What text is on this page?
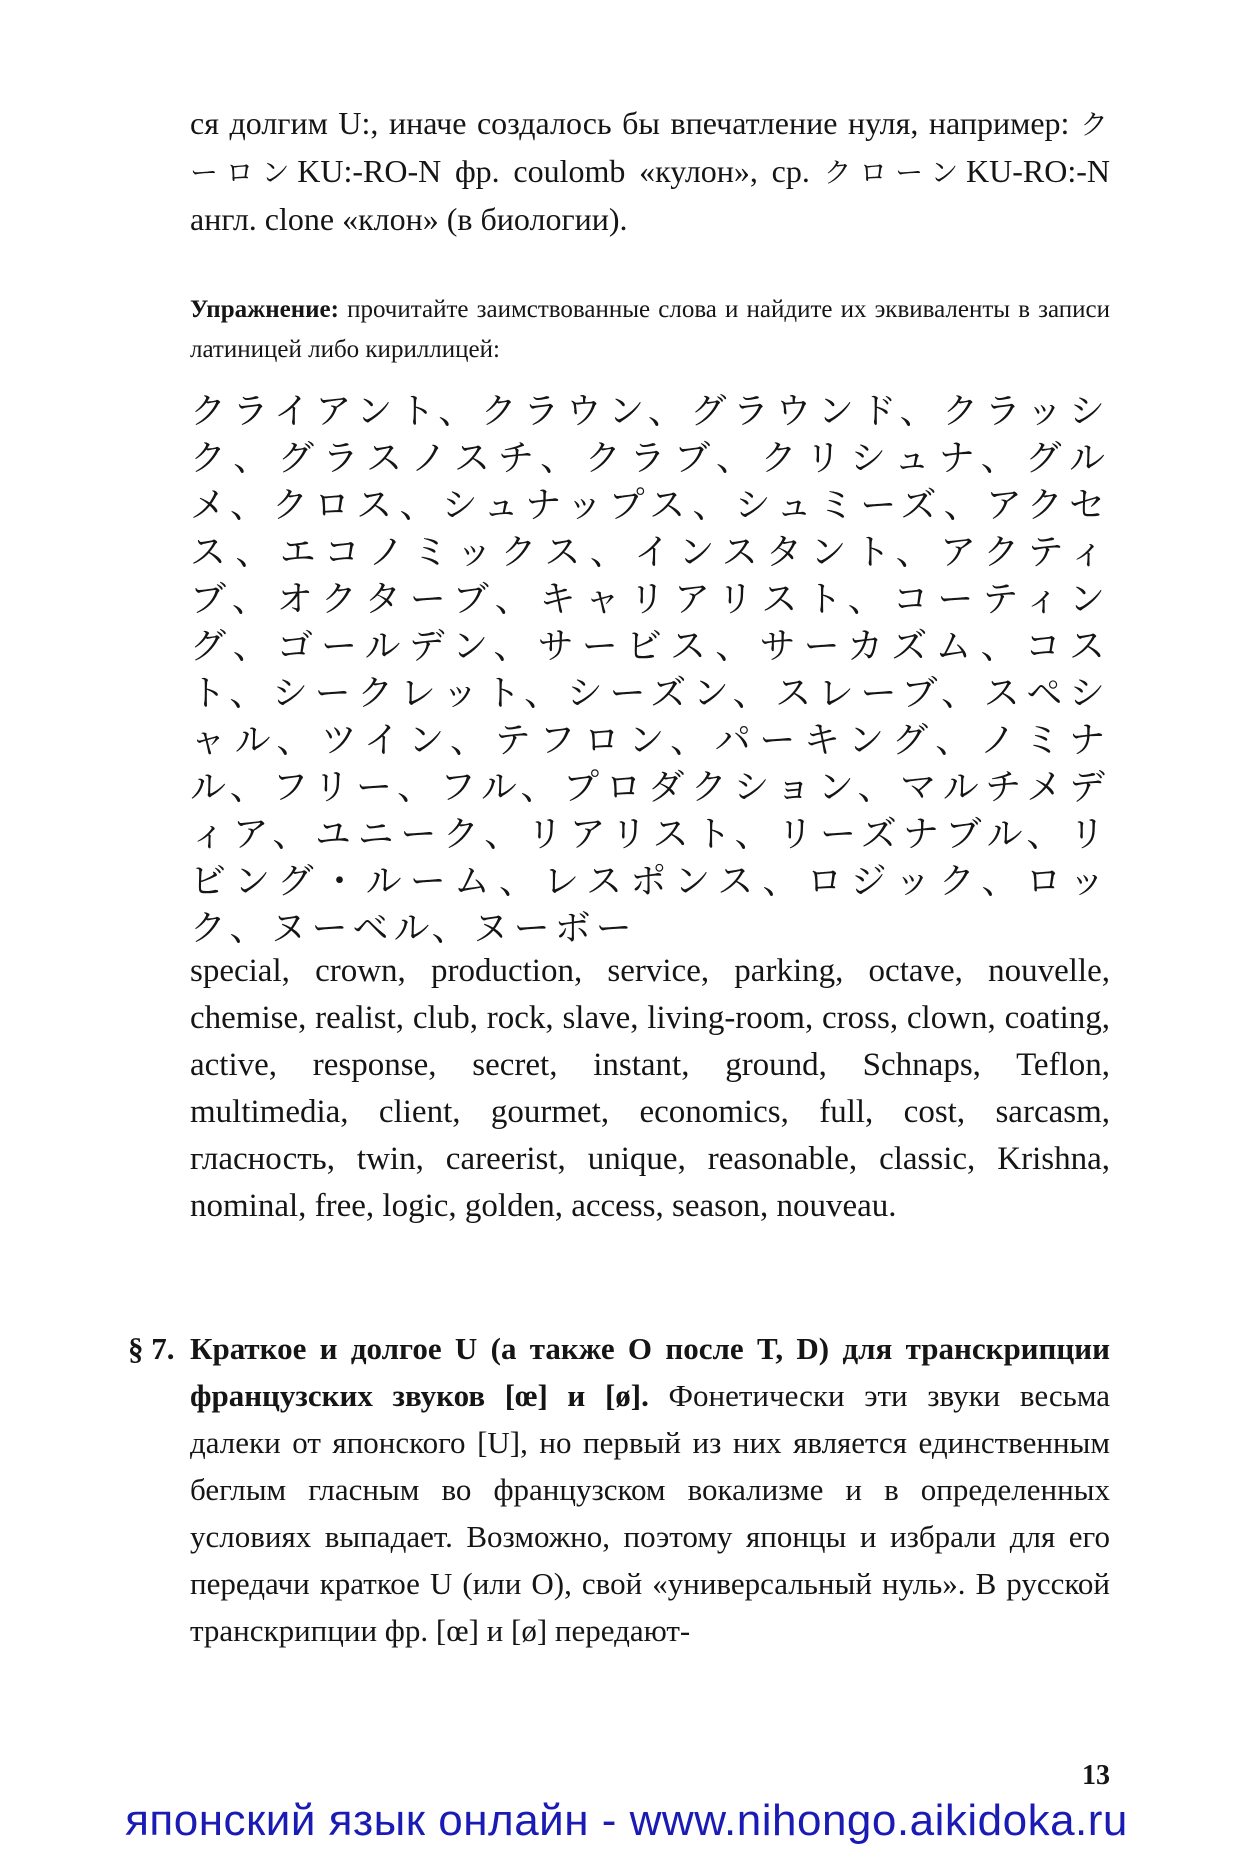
ся долгим U:, иначе создалось бы впечатление нуля, например: クーロンKU:-RO-N фр. coulomb «кулон», ср. クローンKU-RO:-N англ. clone «клон» (в биологии).
Упражнение: прочитайте заимствованные слова и найдите их эквиваленты в записи латиницей либо кириллицей:
クライアント、クラウン、グラウンド、クラッシク、グラスノスチ、クラブ、クリシュナ、グルメ、クロス、シュナップス、シュミーズ、アクセス、エコノミックス、インスタント、アクティブ、オクターブ、キャリアリスト、コーティング、ゴールデン、サービス、サーカズム、コスト、シークレット、シーズン、スレーブ、スペシャル、ツイン、テフロン、パーキング、ノミナル、フリー、フル、プロダクション、マルチメディア、ユニーク、リアリスト、リーズナブル、リビング・ルーム、レスポンス、ロジック、ロック、ヌーベル、ヌーボー
special, crown, production, service, parking, octave, nouvelle, chemise, realist, club, rock, slave, living-room, cross, clown, coating, active, response, secret, instant, ground, Schnaps, Teflon, multimedia, client, gourmet, economics, full, cost, sarcasm, гласность, twin, careerist, unique, reasonable, classic, Krishna, nominal, free, logic, golden, access, season, nouveau.
§ 7. Краткое и долгое U (а также O после T, D) для транскрипции французских звуков [œ] и [ø]. Фонетически эти звуки весьма далеки от японского [U], но первый из них является единственным беглым гласным во французском вокализме и в определенных условиях выпадает. Возможно, поэтому японцы и избрали для его передачи краткое U (или O), свой «универсальный нуль». В русской транскрипции фр. [œ] и [ø] передают-
13
японский язык онлайн - www.nihongo.aikidoka.ru
